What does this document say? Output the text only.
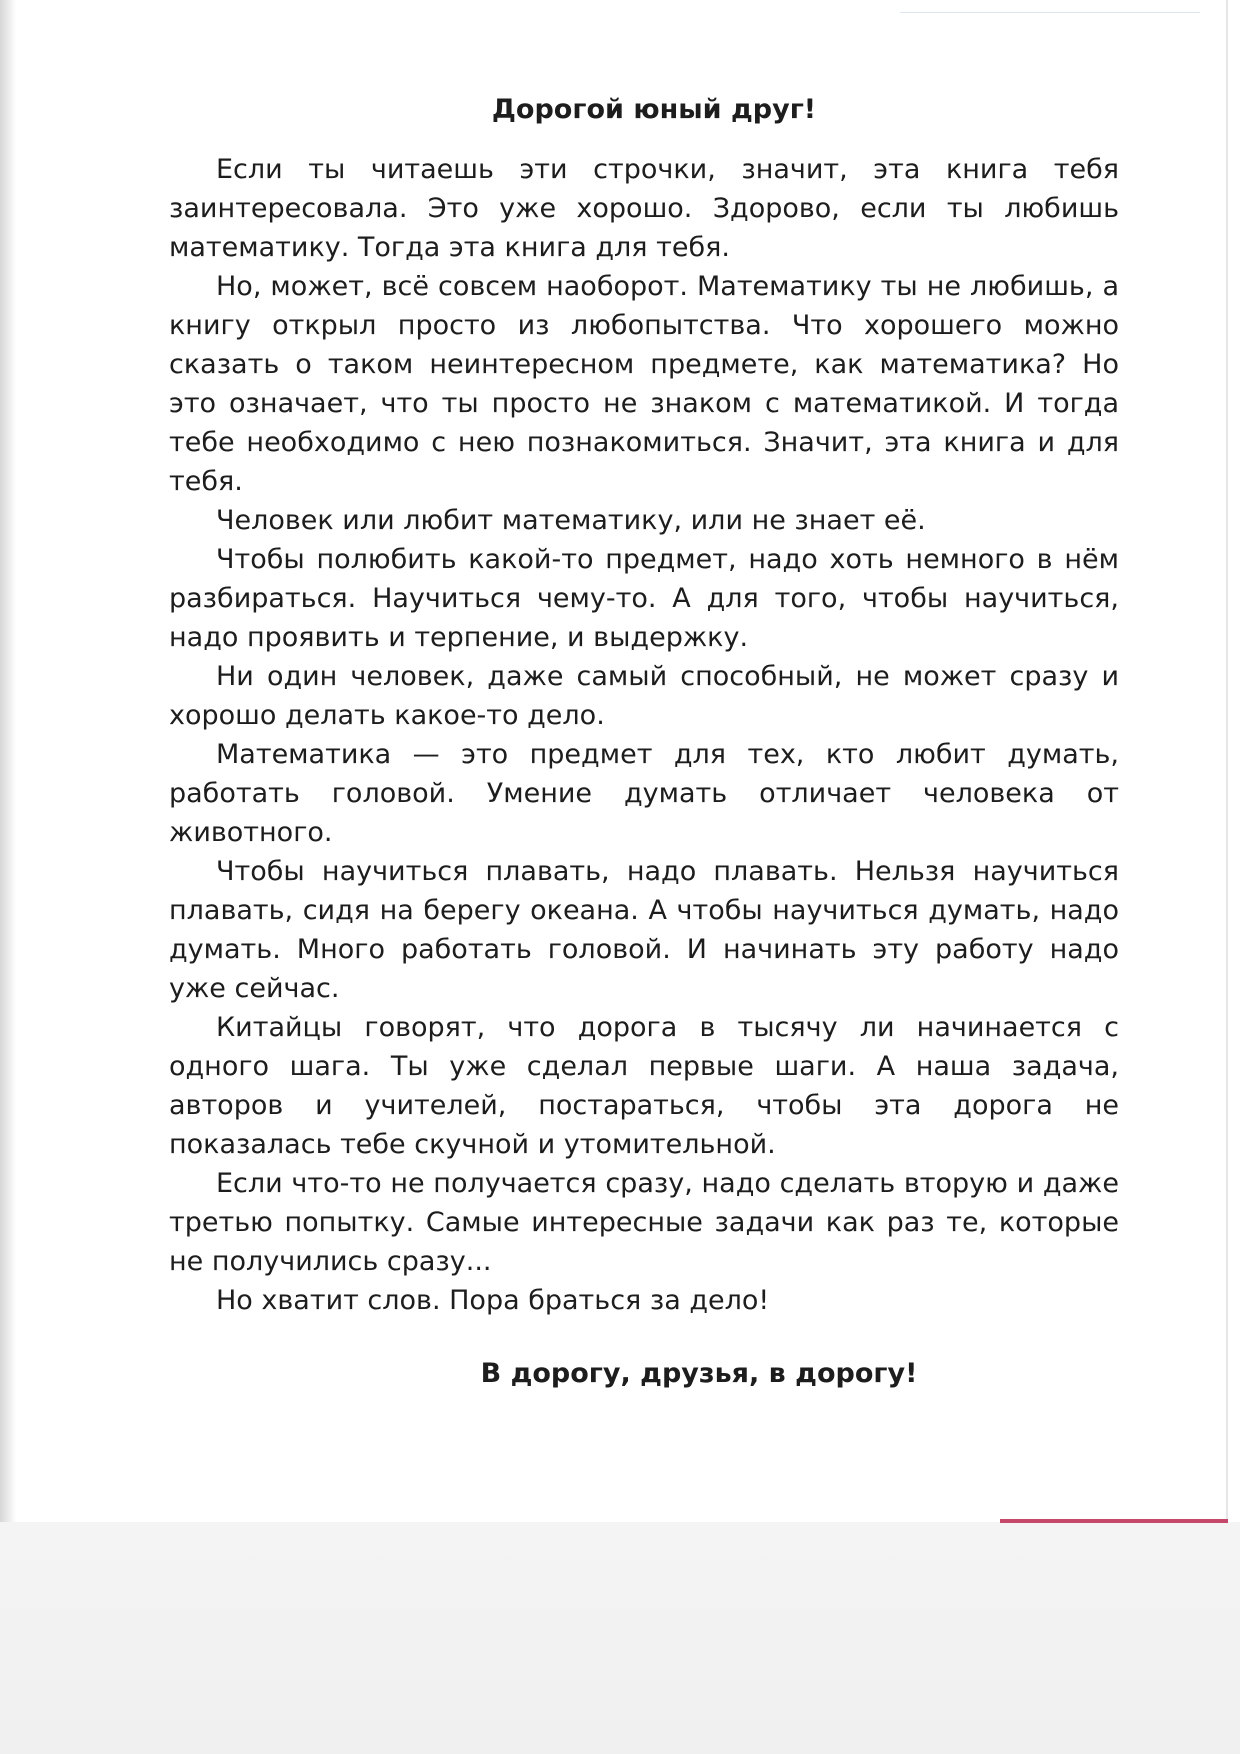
Дорогой юный друг!

Если ты читаешь эти строчки, значит, эта книга тебя заинтересовала. Это уже хорошо. Здорово, если ты любишь математику. Тогда эта книга для тебя.

Но, может, всё совсем наоборот. Математику ты не любишь, а книгу открыл просто из любопытства. Что хорошего можно сказать о таком неинтересном предмете, как математика? Но это означает, что ты просто не знаком с математикой. И тогда тебе необходимо с нею познакомиться. Значит, эта книга и для тебя.

Человек или любит математику, или не знает её.

Чтобы полюбить какой-то предмет, надо хоть немного в нём разбираться. Научиться чему-то. А для того, чтобы научиться, надо проявить и терпение, и выдержку.

Ни один человек, даже самый способный, не может сразу и хорошо делать какое-то дело.

Математика — это предмет для тех, кто любит думать, работать головой. Умение думать отличает человека от животного.

Чтобы научиться плавать, надо плавать. Нельзя научиться плавать, сидя на берегу океана. А чтобы научиться думать, надо думать. Много работать головой. И начинать эту работу надо уже сейчас.

Китайцы говорят, что дорога в тысячу ли начинается с одного шага. Ты уже сделал первые шаги. А наша задача, авторов и учителей, постараться, чтобы эта дорога не показалась тебе скучной и утомительной.

Если что-то не получается сразу, надо сделать вторую и даже третью попытку. Самые интересные задачи как раз те, которые не получились сразу...

Но хватит слов. Пора браться за дело!

В дорогу, друзья, в дорогу!
